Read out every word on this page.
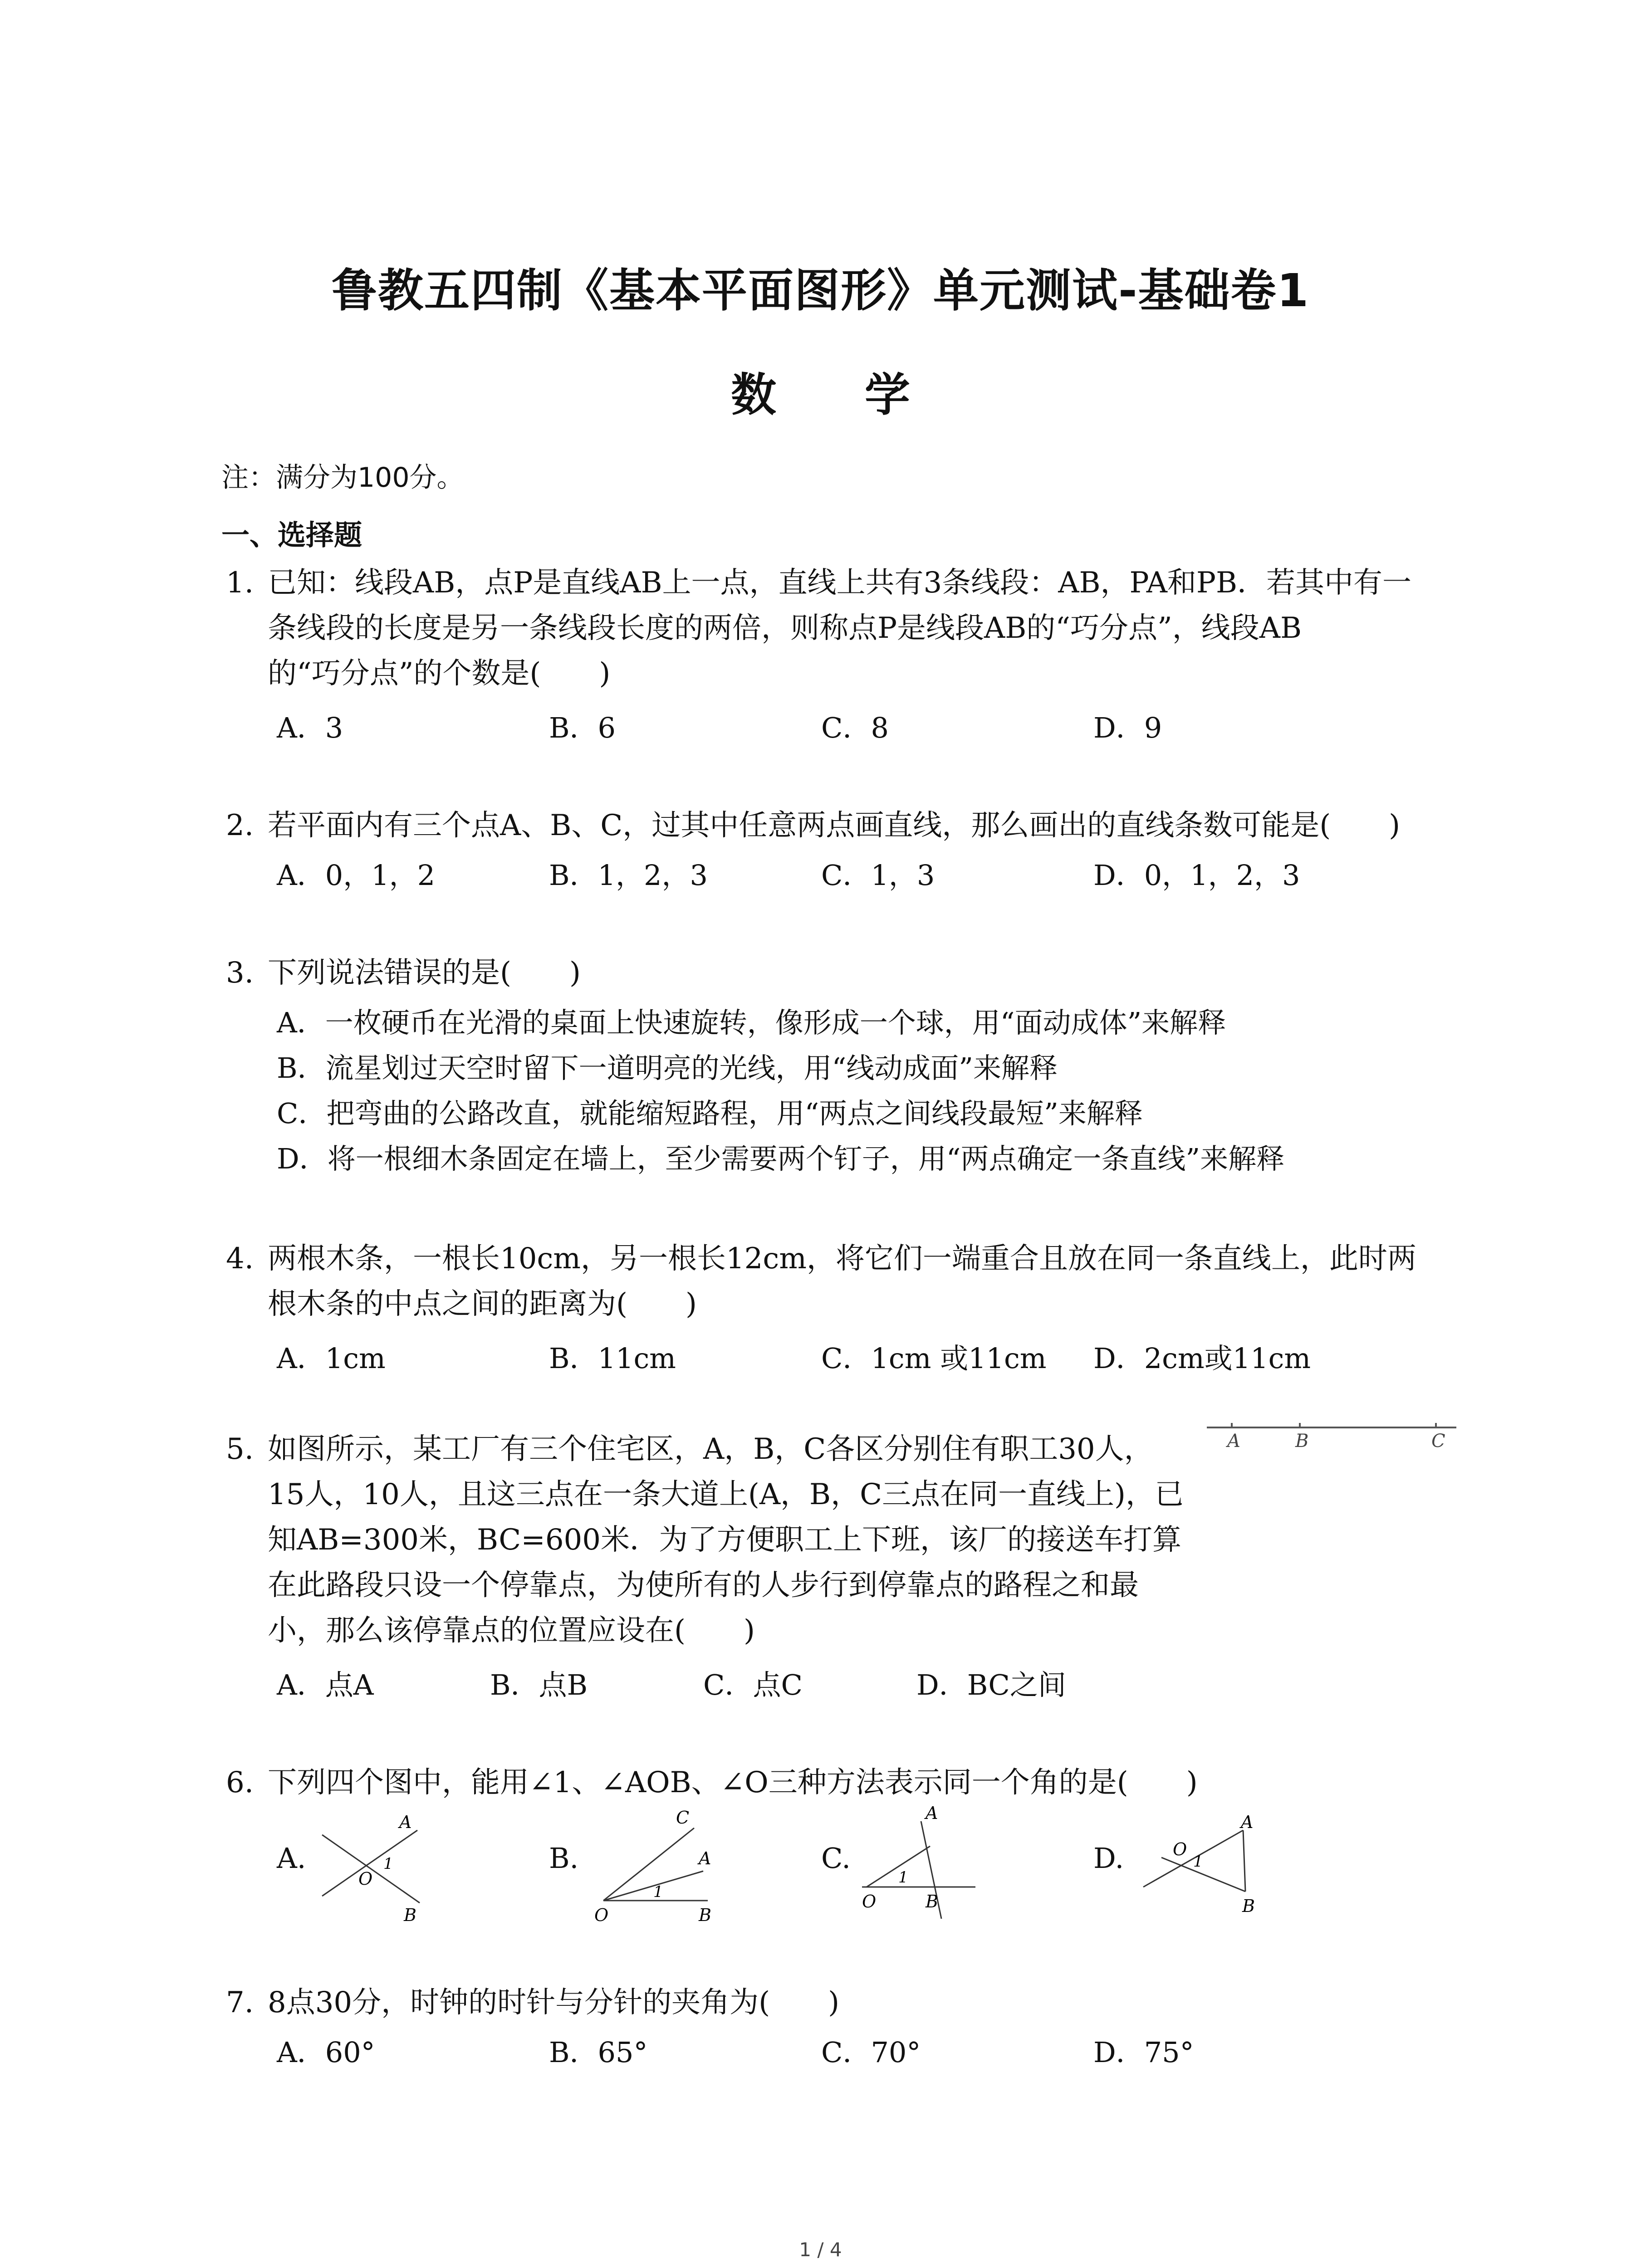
鲁教五四制《基本平面图形》单元测试-基础卷1
数 学
注：满分为100分。
一、选择题
1. 已知：线段AB，点P是直线AB上一点，直线上共有3条线段：AB，PA和PB．若其中有一
条线段的长度是另一条线段长度的两倍，则称点P是线段AB的“巧分点”，线段AB
的“巧分点”的个数是(　　)
A．3	B．6	C．8	D．9
2. 若平面内有三个点A、B、C，过其中任意两点画直线，那么画出的直线条数可能是(　　)
A．0，1，2	B．1，2，3	C．1，3	D．0，1，2，3
3. 下列说法错误的是(　　)
A．一枚硬币在光滑的桌面上快速旋转，像形成一个球，用“面动成体”来解释
B．流星划过天空时留下一道明亮的光线，用“线动成面”来解释
C．把弯曲的公路改直，就能缩短路程，用“两点之间线段最短”来解释
D．将一根细木条固定在墙上，至少需要两个钉子，用“两点确定一条直线”来解释
4. 两根木条，一根长10cm，另一根长12cm，将它们一端重合且放在同一条直线上，此时两
根木条的中点之间的距离为(　　)
A．1cm	B．11cm	C．1cm 或11cm D．2cm或11cm
5. 如图所示，某工厂有三个住宅区，A，B，C各区分别住有职工30人，
15人，10人，且这三点在一条大道上(A，B，C三点在同一直线上)，已
知AB=300米，BC=600米．为了方便职工上下班，该厂的接送车打算
在此路段只设一个停靠点，为使所有的人步行到停靠点的路程之和最
小，那么该停靠点的位置应设在(　　)
A．点A	B．点B	C．点C	D．BC之间
A	B	C
6. 下列四个图中，能用∠1、∠AOB、∠O三种方法表示同一个角的是(　　)
A.
A
O
1
B
B.
C
A
1
O	B
C.
A
1
O	B
D.	O
1
A
B
7. 8点30分，时钟的时针与分针的夹角为(　　)
A．60°	B．65°	C．70°	D．75°
1 / 4
